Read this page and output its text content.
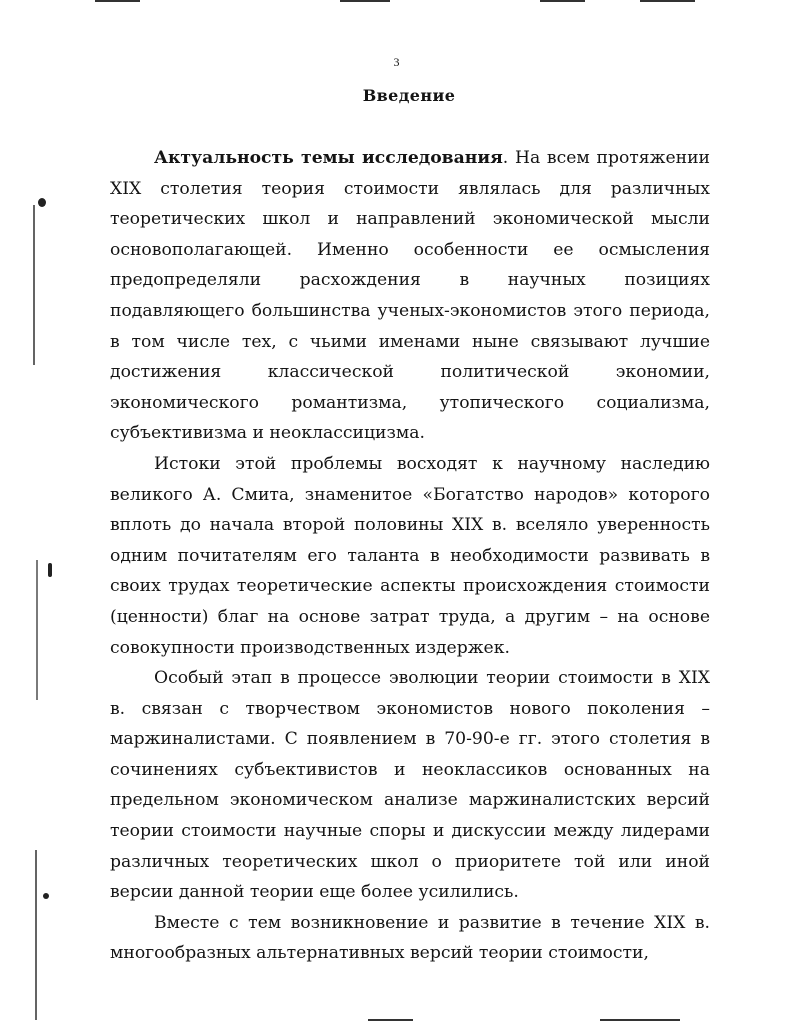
3
Введение

Актуальность темы исследования. На всем протяжении XIX столетия теория стоимости являлась для различных теоретических школ и направлений экономической мысли основополагающей. Именно особенности ее осмысления предопределяли расхождения в научных позициях подавляющего большинства ученых-экономистов этого периода, в том числе тех, с чьими именами ныне связывают лучшие достижения классической политической экономии, экономического романтизма, утопического социализма, субъективизма и неоклассицизма.

Истоки этой проблемы восходят к научному наследию великого А. Смита, знаменитое «Богатство народов» которого вплоть до начала второй половины XIX в. вселяло уверенность одним почитателям его таланта в необходимости развивать в своих трудах теоретические аспекты происхождения стоимости (ценности) благ на основе затрат труда, а другим – на основе совокупности производственных издержек.

Особый этап в процессе эволюции теории стоимости в XIX в. связан с творчеством экономистов нового поколения – маржиналистами. С появлением в 70-90-е гг. этого столетия в сочинениях субъективистов и неоклассиков основанных на предельном экономическом анализе маржиналистских версий теории стоимости научные споры и дискуссии между лидерами различных теоретических школ о приоритете той или иной версии данной теории еще более усилились.

Вместе с тем возникновение и развитие в течение XIX в. многообразных альтернативных версий теории стоимости,
